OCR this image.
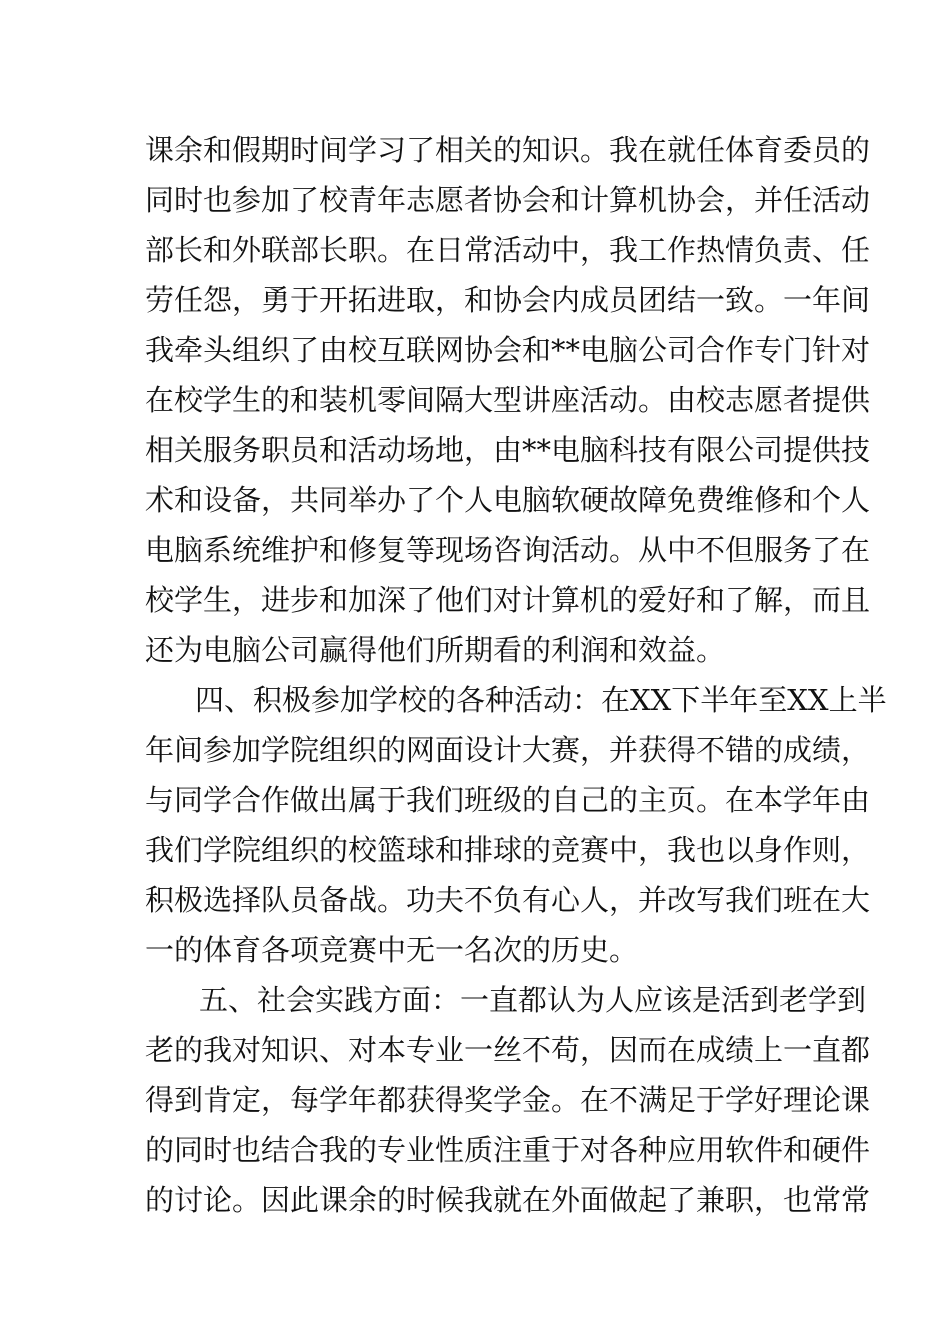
课余和假期时间学习了相关的知识。我在就任体育委员的
同时也参加了校青年志愿者协会和计算机协会，并任活动
部长和外联部长职。在日常活动中，我工作热情负责、任
劳任怨，勇于开拓进取，和协会内成员团结一致。一年间
我牵头组织了由校互联网协会和**电脑公司合作专门针对
在校学生的和装机零间隔大型讲座活动。由校志愿者提供
相关服务职员和活动场地，由**电脑科技有限公司提供技
术和设备，共同举办了个人电脑软硬故障免费维修和个人
电脑系统维护和修复等现场咨询活动。从中不但服务了在
校学生，进步和加深了他们对计算机的爱好和了解，而且
还为电脑公司赢得他们所期看的利润和效益。
四、积极参加学校的各种活动：在XX下半年至XX上半
年间参加学院组织的网面设计大赛，并获得不错的成绩，
与同学合作做出属于我们班级的自己的主页。在本学年由
我们学院组织的校篮球和排球的竞赛中，我也以身作则，
积极选择队员备战。功夫不负有心人，并改写我们班在大
一的体育各项竞赛中无一名次的历史。
五、社会实践方面：一直都认为人应该是活到老学到
老的我对知识、对本专业一丝不苟，因而在成绩上一直都
得到肯定，每学年都获得奖学金。在不满足于学好理论课
的同时也结合我的专业性质注重于对各种应用软件和硬件
的讨论。因此课余的时候我就在外面做起了兼职，也常常
